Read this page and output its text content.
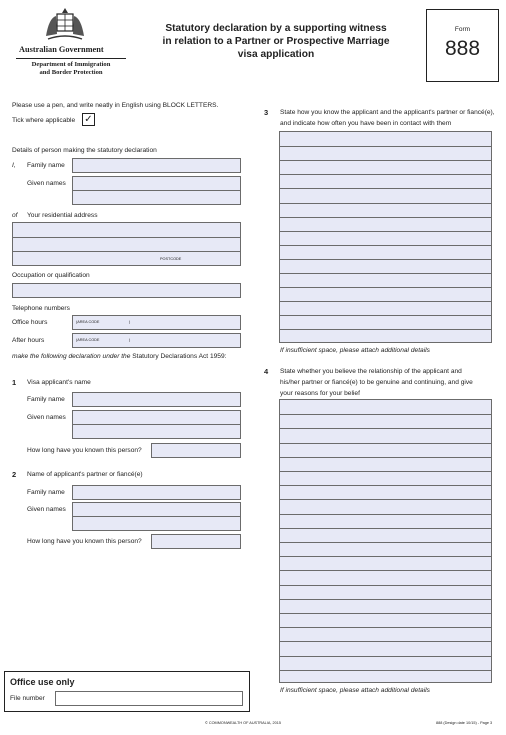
Australian Government
Department of Immigration
and Border Protection
Statutory declaration by a supporting witness
in relation to a Partner or Prospective Marriage
visa application
Form
888
Please use a pen, and write neatly in English using BLOCK LETTERS.
Tick where applicable ✓
Details of person making the statutory declaration
I, Family name
Given names
of Your residential address
POSTCODE
Occupation or qualification
Telephone numbers
Office hours	(AREA CODE	)
After hours	(AREA CODE	)
make the following declaration under the Statutory Declarations Act 1959:
1 Visa applicant's name
Family name
Given names
How long have you known this person?
2 Name of applicant's partner or fiancé(e)
Family name
Given names
How long have you known this person?
3 State how you know the applicant and the applicant's partner or fiancé(e),
and indicate how often you have been in contact with them
If insufficient space, please attach additional details
4 State whether you believe the relationship of the applicant and
his/her partner or fiancé(e) to be genuine and continuing, and give
your reasons for your belief
If insufficient space, please attach additional details
Office use only
File number
© COMMONWEALTH OF AUSTRALIA, 2015	888 (Design date 10/15) - Page 3
